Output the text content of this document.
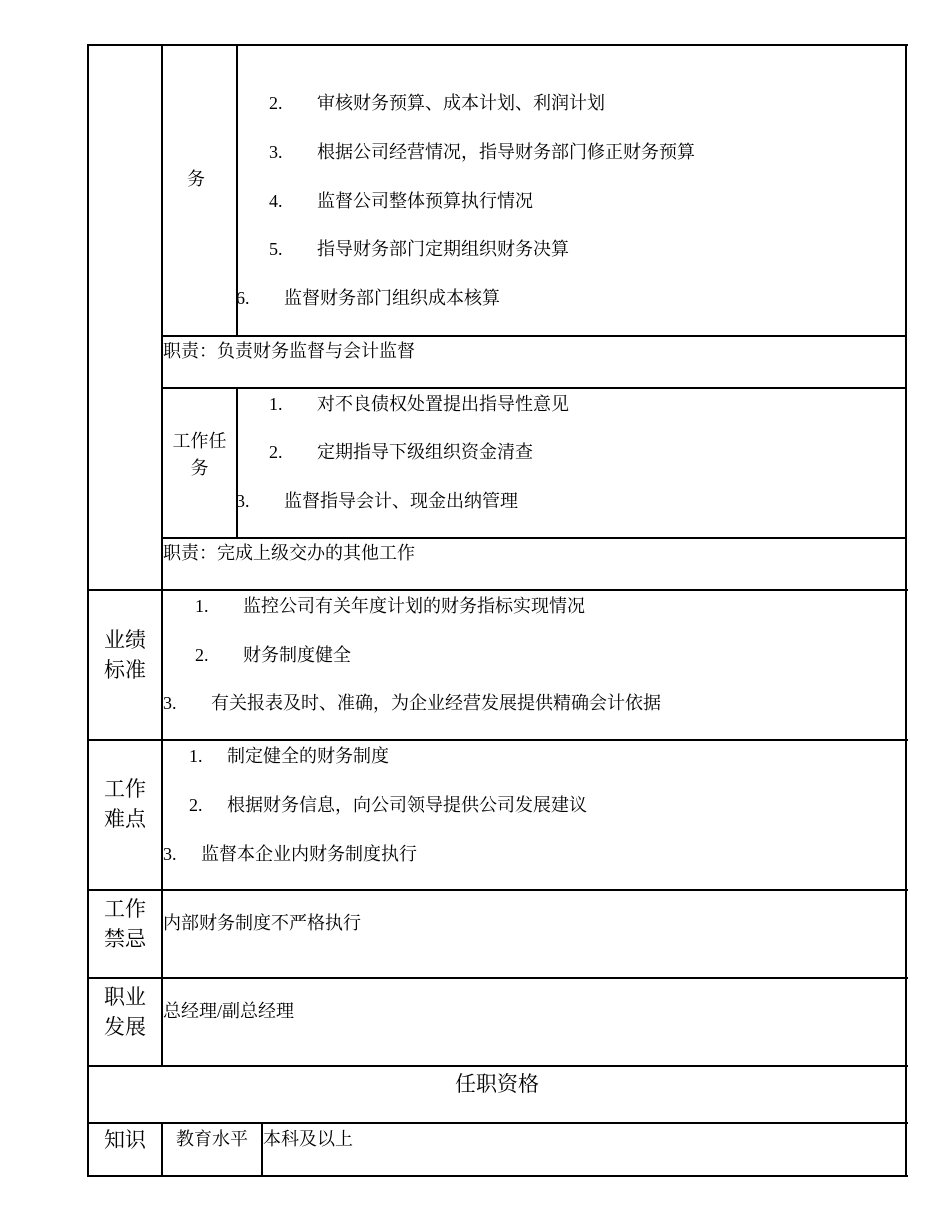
务
2. 审核财务预算、成本计划、利润计划
3. 根据公司经营情况，指导财务部门修正财务预算
4. 监督公司整体预算执行情况
5. 指导财务部门定期组织财务决算
6. 监督财务部门组织成本核算
职责：负责财务监督与会计监督
工作任
务
1. 对不良债权处置提出指导性意见
2. 定期指导下级组织资金清查
3. 监督指导会计、现金出纳管理
职责：完成上级交办的其他工作
业绩
标准
1. 监控公司有关年度计划的财务指标实现情况
2. 财务制度健全
3. 有关报表及时、准确，为企业经营发展提供精确会计依据
工作
难点
1. 制定健全的财务制度
2. 根据财务信息，向公司领导提供公司发展建议
3. 监督本企业内财务制度执行
工作
禁忌
内部财务制度不严格执行
职业
发展
总经理/副总经理
任职资格
知识	教育水平 本科及以上
